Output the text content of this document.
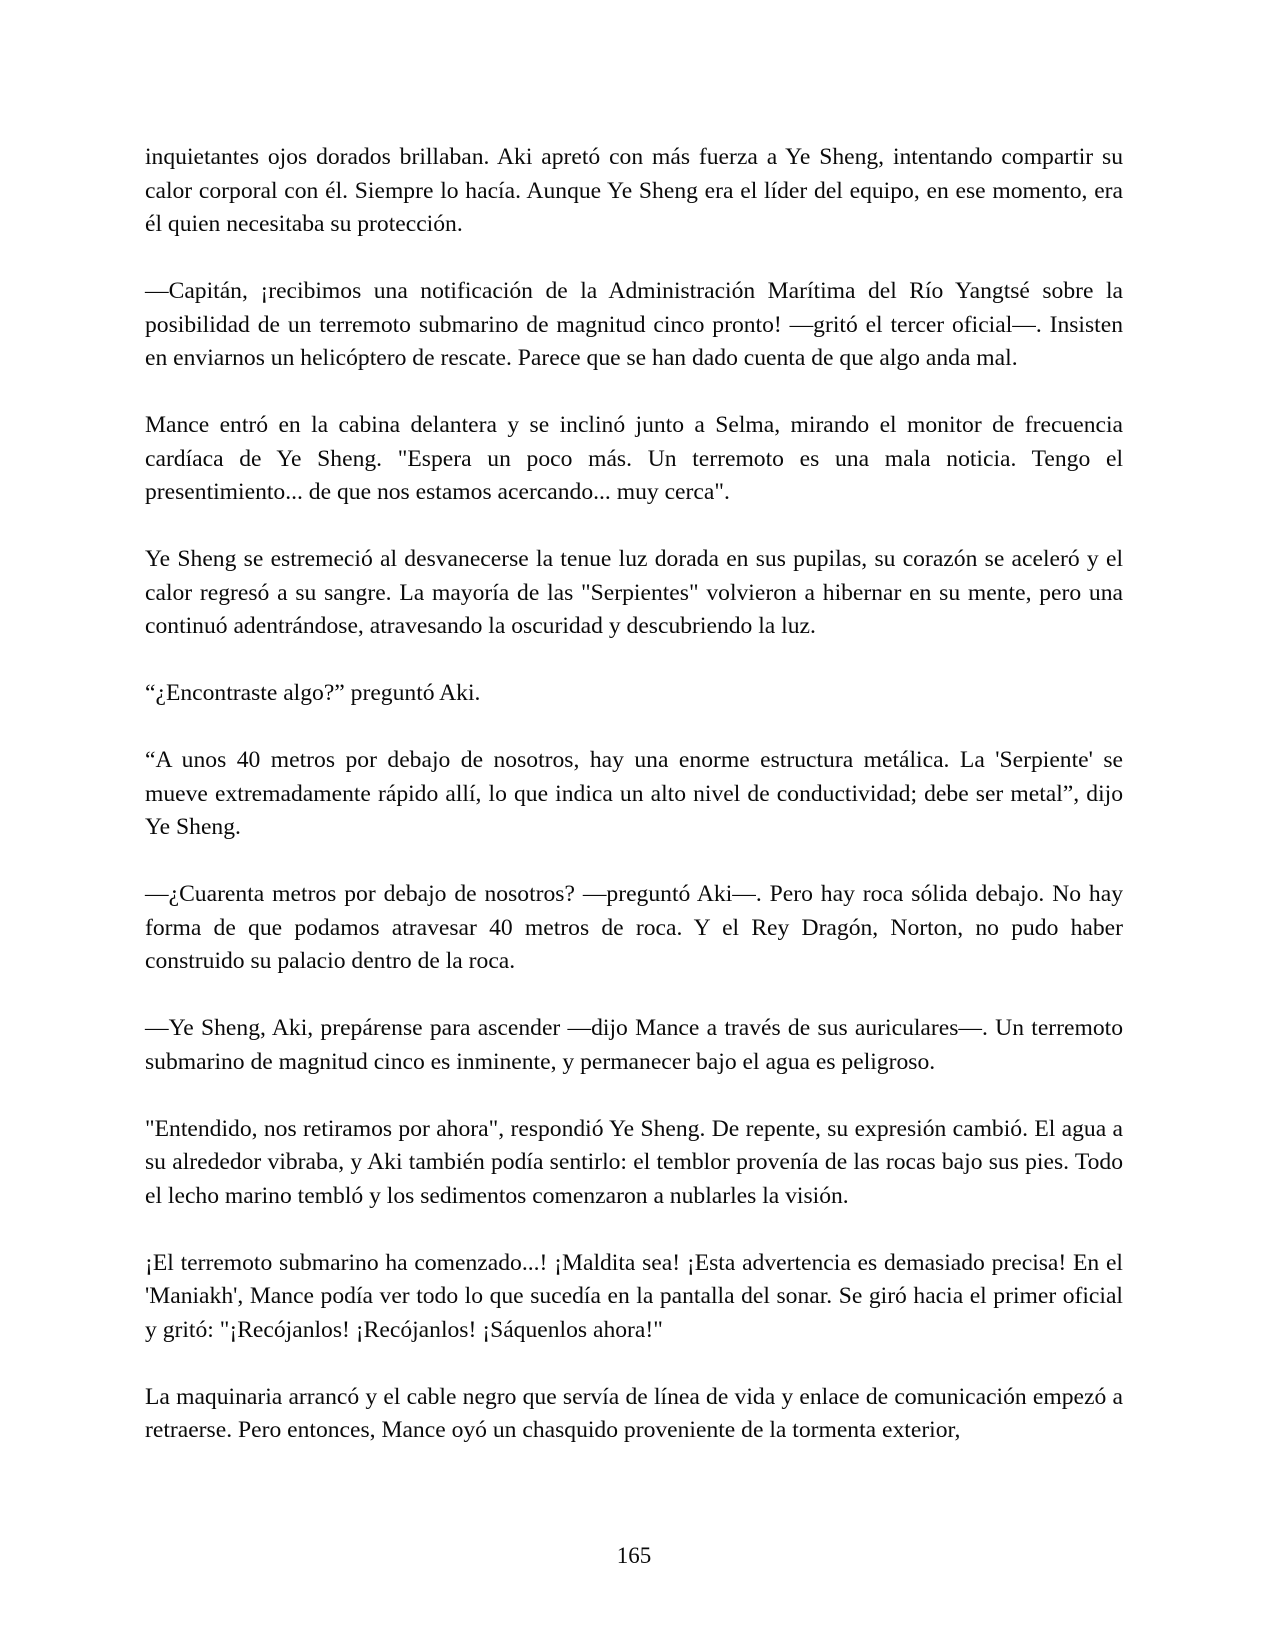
inquietantes ojos dorados brillaban. Aki apretó con más fuerza a Ye Sheng, intentando compartir su calor corporal con él. Siempre lo hacía. Aunque Ye Sheng era el líder del equipo, en ese momento, era él quien necesitaba su protección.

—Capitán, ¡recibimos una notificación de la Administración Marítima del Río Yangtsé sobre la posibilidad de un terremoto submarino de magnitud cinco pronto! —gritó el tercer oficial—. Insisten en enviarnos un helicóptero de rescate. Parece que se han dado cuenta de que algo anda mal.

Mance entró en la cabina delantera y se inclinó junto a Selma, mirando el monitor de frecuencia cardíaca de Ye Sheng. "Espera un poco más. Un terremoto es una mala noticia. Tengo el presentimiento... de que nos estamos acercando... muy cerca".

Ye Sheng se estremeció al desvanecerse la tenue luz dorada en sus pupilas, su corazón se aceleró y el calor regresó a su sangre. La mayoría de las "Serpientes" volvieron a hibernar en su mente, pero una continuó adentrándose, atravesando la oscuridad y descubriendo la luz.

“¿Encontraste algo?” preguntó Aki.

“A unos 40 metros por debajo de nosotros, hay una enorme estructura metálica. La 'Serpiente' se mueve extremadamente rápido allí, lo que indica un alto nivel de conductividad; debe ser metal”, dijo Ye Sheng.

—¿Cuarenta metros por debajo de nosotros? —preguntó Aki—. Pero hay roca sólida debajo. No hay forma de que podamos atravesar 40 metros de roca. Y el Rey Dragón, Norton, no pudo haber construido su palacio dentro de la roca.

—Ye Sheng, Aki, prepárense para ascender —dijo Mance a través de sus auriculares—. Un terremoto submarino de magnitud cinco es inminente, y permanecer bajo el agua es peligroso.

"Entendido, nos retiramos por ahora", respondió Ye Sheng. De repente, su expresión cambió. El agua a su alrededor vibraba, y Aki también podía sentirlo: el temblor provenía de las rocas bajo sus pies. Todo el lecho marino tembló y los sedimentos comenzaron a nublarles la visión.

¡El terremoto submarino ha comenzado...! ¡Maldita sea! ¡Esta advertencia es demasiado precisa! En el 'Maniakh', Mance podía ver todo lo que sucedía en la pantalla del sonar. Se giró hacia el primer oficial y gritó: "¡Recójanlos! ¡Recójanlos! ¡Sáquenlos ahora!"

La maquinaria arrancó y el cable negro que servía de línea de vida y enlace de comunicación empezó a retraerse. Pero entonces, Mance oyó un chasquido proveniente de la tormenta exterior,

165
